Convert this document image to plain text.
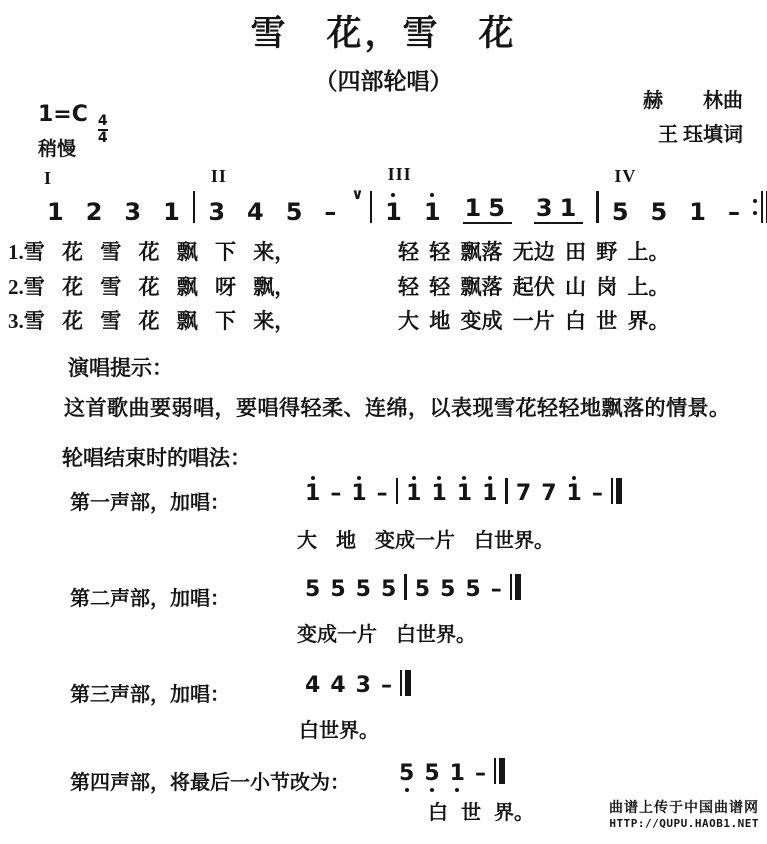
雪　花，雪　花
（四部轮唱）
赫　　林曲
王 珏填词
$1=C \frac{4}{4}$
稍慢
I
1 2 3 1
II
3 4 5 –
∨
III
1 1 15 31
IV
5 5 1 –
1.雪 花 雪 花 飘 下 来，	轻 轻 飘落 无边 田 野 上。
2.雪 花 雪 花 飘 呀 飘，	轻 轻 飘落 起伏 山 岗 上。
3.雪 花 雪 花 飘 下 来，	大 地 变成 一片 白 世 界。
演唱提示：
这首歌曲要弱唱，要唱得轻柔、连绵，以表现雪花轻轻地飘落的情景。
轮唱结束时的唱法：
第一声部，加唱：	1 – 1 – 1 1 1 1 7 7 1 –
大 地 变成一片 白世界。
第二声部，加唱：	5 5 5 5 5 5 5 –
变成一片 白世界。
第三声部，加唱：	4 4 3 –
白世界。
第四声部，将最后一小节改为： 5 5 1 –
白 世 界。	曲谱上传于中国曲谱网
HTTP://QUPU.HAOB1.NET
